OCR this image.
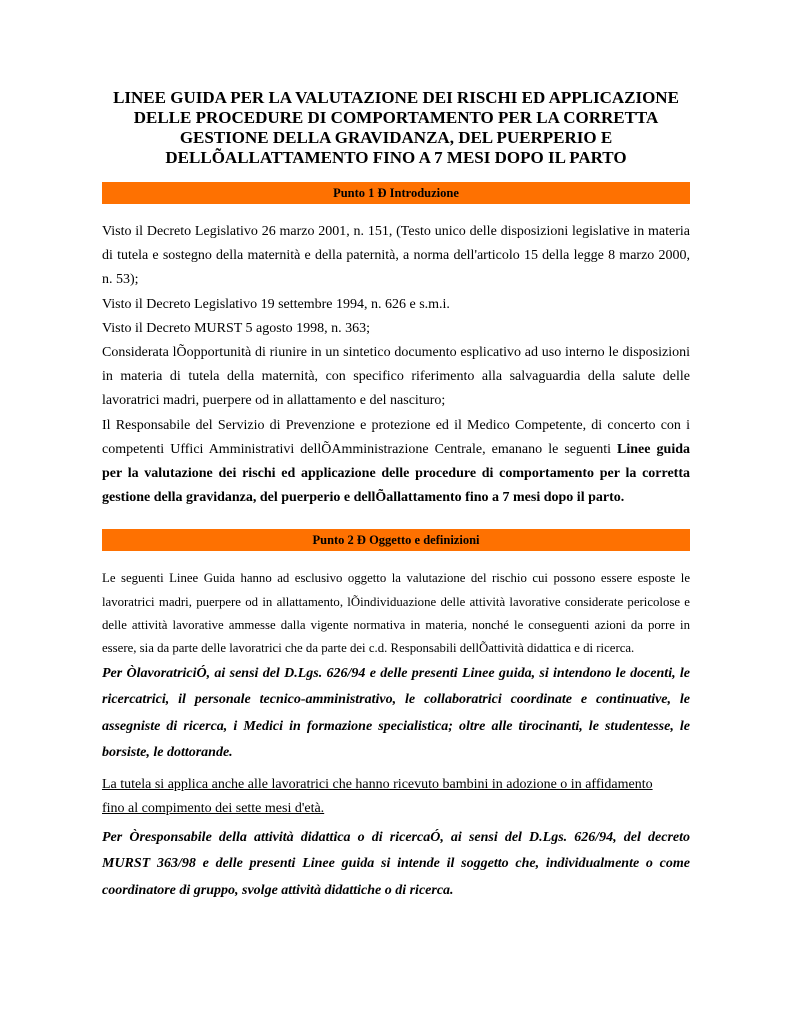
LINEE GUIDA PER LA VALUTAZIONE DEI RISCHI ED APPLICAZIONE
DELLE PROCEDURE DI COMPORTAMENTO PER LA CORRETTA
GESTIONE DELLA GRAVIDANZA, DEL PUERPERIO E
DELLÕALLATTAMENTO FINO A 7 MESI DOPO IL PARTO
Punto 1 Ð Introduzione

Visto il Decreto Legislativo 26 marzo 2001, n. 151, (Testo unico delle disposizioni legislative in materia di tutela e sostegno della maternità e della paternità, a norma dell'articolo 15 della legge 8 marzo 2000, n. 53);

Visto il Decreto Legislativo 19 settembre 1994, n. 626 e s.m.i.

Visto il Decreto MURST 5 agosto 1998, n. 363;

Considerata lÕopportunità di riunire in un sintetico documento esplicativo ad uso interno le disposizioni in materia di tutela della maternità, con specifico riferimento alla salvaguardia della salute delle lavoratrici madri, puerpere od in allattamento e del nascituro;

Il Responsabile del Servizio di Prevenzione e protezione ed il Medico Competente, di concerto con i competenti Uffici Amministrativi dellÕAmministrazione Centrale, emanano le seguenti Linee guida per la valutazione dei rischi ed applicazione delle procedure di comportamento per la corretta gestione della gravidanza, del puerperio e dellÕallattamento fino a 7 mesi dopo il parto.

Punto 2 Ð Oggetto e definizioni

Le seguenti Linee Guida hanno ad esclusivo oggetto la valutazione del rischio cui possono essere esposte le lavoratrici madri, puerpere od in allattamento, lÕindividuazione delle attività lavorative considerate pericolose e delle attività lavorative ammesse dalla vigente normativa in materia, nonché le conseguenti azioni da porre in essere, sia da parte delle lavoratrici che da parte dei c.d. Responsabili dellÕattività didattica e di ricerca.

Per ÒlavoratriciÓ, ai sensi del D.Lgs. 626/94 e delle presenti Linee guida, si intendono le docenti, le ricercatrici, il personale tecnico-amministrativo, le collaboratrici coordinate e continuative, le assegniste di ricerca, i Medici in formazione specialistica; oltre alle tirocinanti, le studentesse, le borsiste, le dottorande.

La tutela si applica anche alle lavoratrici che hanno ricevuto bambini in adozione o in affidamento
fino al compimento dei sette mesi d'età.

Per Òresponsabile della attività didattica o di ricercaÓ, ai sensi del D.Lgs. 626/94, del decreto MURST 363/98 e delle presenti Linee guida si intende il soggetto che, individualmente o come coordinatore di gruppo, svolge attività didattiche o di ricerca.
